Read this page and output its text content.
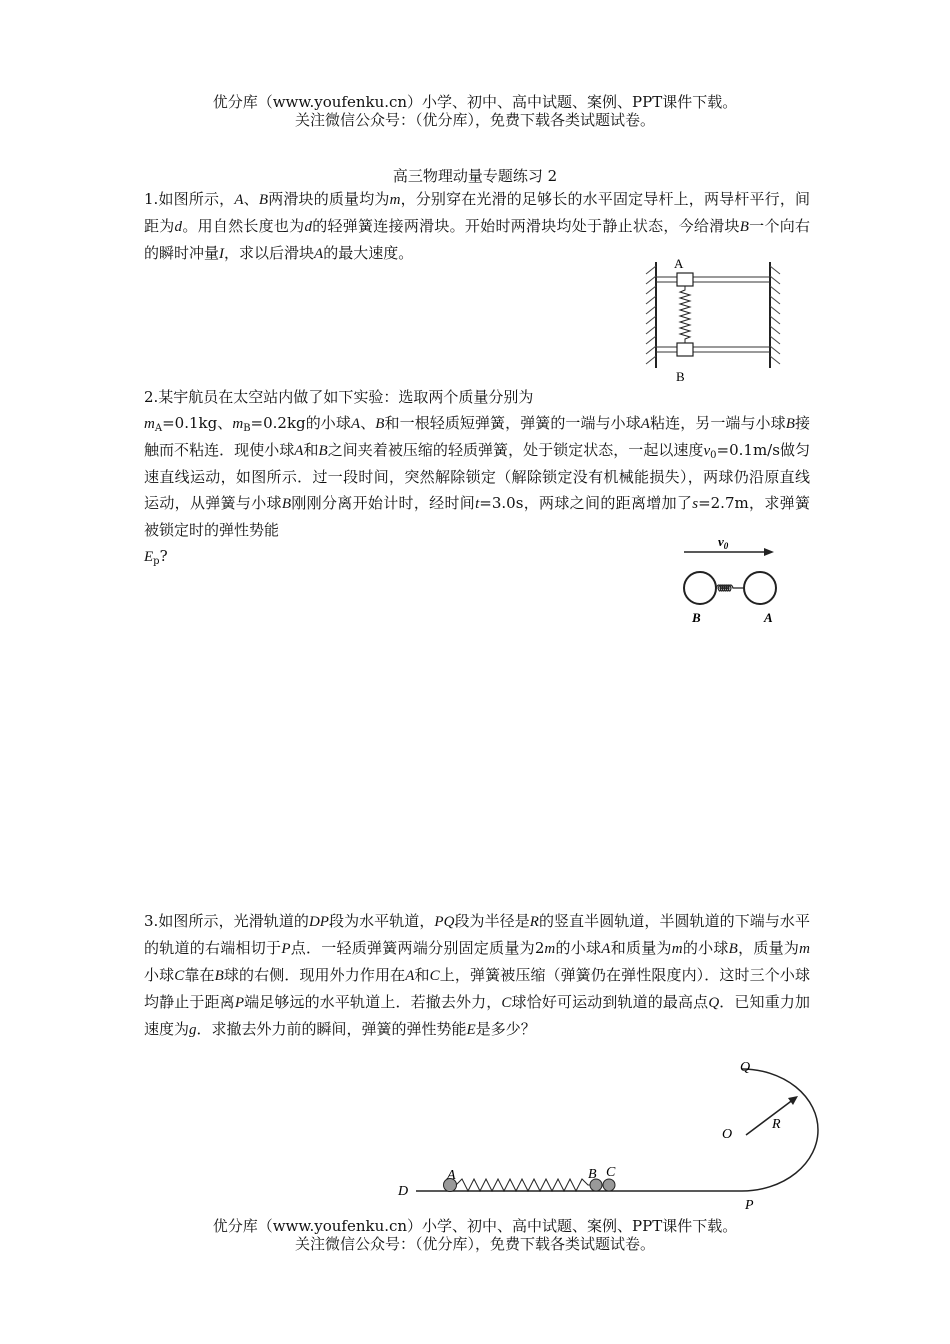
优分库（www.youfenku.cn）小学、初中、高中试题、案例、PPT课件下载。
关注微信公众号：（优分库），免费下载各类试题试卷。
高三物理动量专题练习 2
1.如图所示，A、B两滑块的质量均为m，分别穿在光滑的足够长的水平固定导杆上，两导杆平行，间距为d。用自然长度也为d的轻弹簧连接两滑块。开始时两滑块均处于静止状态，今给滑块B一个向右的瞬时冲量I，求以后滑块A的最大速度。
A
B
2.某宇航员在太空站内做了如下实验：选取两个质量分别为
$m_A=0.1kg$、$m_B=0.2kg$的小球A、B和一根轻质短弹簧，弹簧的一端与小球A粘连，另一端与小球B接触而不粘连．现使小球A和B之间夹着被压缩的轻质弹簧，处于锁定状态，一起以速度$v_0=0.1m/s$做匀速直线运动，如图所示．过一段时间，突然解除锁定（解除锁定没有机械能损失），两球仍沿原直线运动，从弹簧与小球B刚刚分离开始计时，经时间t=3.0s，两球之间的距离增加了s=2.7m，求弹簧被锁定时的弹性势能
$E_p$?
$v_0$
B	A
3.如图所示，光滑轨道的DP段为水平轨道，PQ段为半径是R的竖直半圆轨道，半圆轨道的下端与水平的轨道的右端相切于P点．一轻质弹簧两端分别固定质量为2m的小球A和质量为m的小球B，质量为m小球C靠在B球的右侧．现用外力作用在A和C上，弹簧被压缩（弹簧仍在弹性限度内）．这时三个小球均静止于距离P端足够远的水平轨道上．若撤去外力，C球恰好可运动到轨道的最高点Q．已知重力加速度为g．求撤去外力前的瞬间，弹簧的弹性势能E是多少？
Q
O
R
D
A	B C
P
优分库（www.youfenku.cn）小学、初中、高中试题、案例、PPT课件下载。
关注微信公众号：（优分库），免费下载各类试题试卷。
